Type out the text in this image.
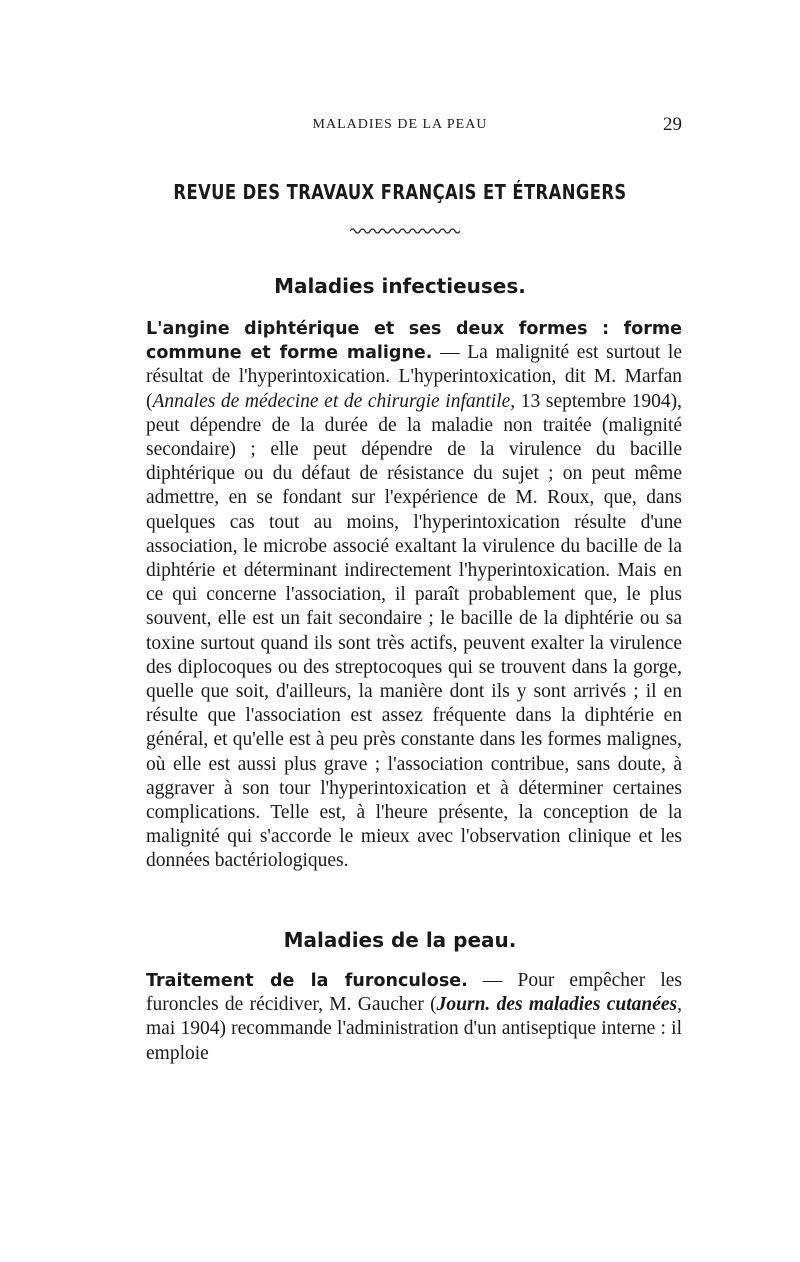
MALADIES DE LA PEAU	29
REVUE DES TRAVAUX FRANÇAIS ET ÉTRANGERS
Maladies infectieuses.

L'angine diphtérique et ses deux formes : forme commune et forme maligne. — La malignité est surtout le résultat de l'hyperintoxication. L'hyperintoxication, dit M. Marfan (Annales de médecine et de chirurgie infantile, 13 septembre 1904), peut dépendre de la durée de la maladie non traitée (malignité secondaire) ; elle peut dépendre de la virulence du bacille diphtérique ou du défaut de résistance du sujet ; on peut même admettre, en se fondant sur l'expérience de M. Roux, que, dans quelques cas tout au moins, l'hyperintoxication résulte d'une association, le microbe associé exaltant la virulence du bacille de la diphtérie et déterminant indirectement l'hyperintoxication. Mais en ce qui concerne l'association, il paraît probablement que, le plus souvent, elle est un fait secondaire ; le bacille de la diphtérie ou sa toxine surtout quand ils sont très actifs, peuvent exalter la virulence des diplocoques ou des streptocoques qui se trouvent dans la gorge, quelle que soit, d'ailleurs, la manière dont ils y sont arrivés ; il en résulte que l'association est assez fréquente dans la diphtérie en général, et qu'elle est à peu près constante dans les formes malignes, où elle est aussi plus grave ; l'association contribue, sans doute, à aggraver à son tour l'hyperintoxication et à déterminer certaines complications. Telle est, à l'heure présente, la conception de la malignité qui s'accorde le mieux avec l'observation clinique et les données bactériologiques.

Maladies de la peau.

Traitement de la furonculose. — Pour empêcher les furoncles de récidiver, M. Gaucher (Journ. des maladies cutanées, mai 1904) recommande l'administration d'un antiseptique interne : il emploie
